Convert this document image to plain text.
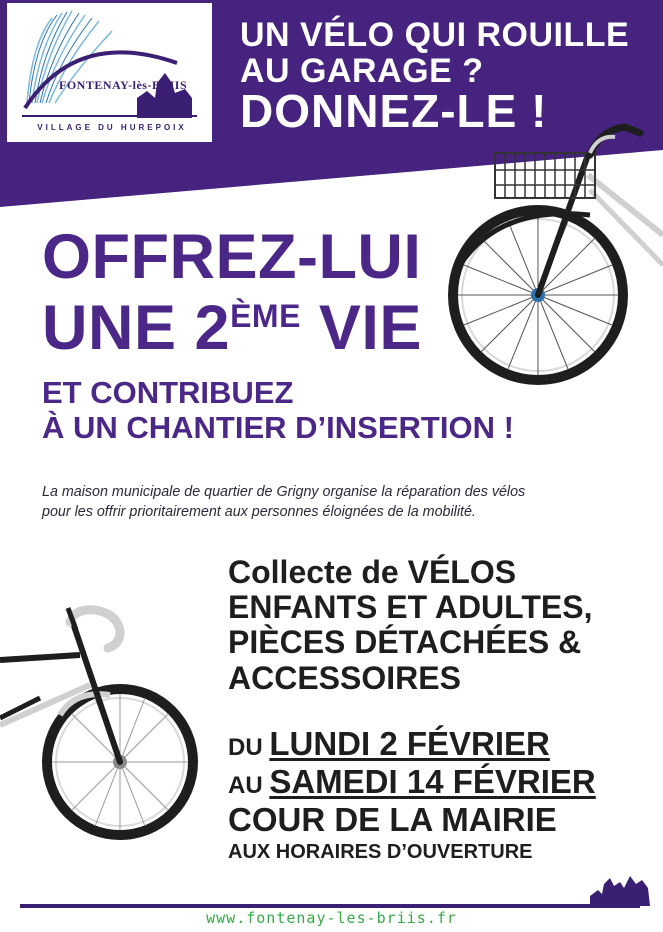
FONTENAY-lès-BRIIS
VILLAGE DU HUREPOIX
UN VÉLO QUI ROUILLE
AU GARAGE ?
DONNEZ-LE !
OFFREZ-LUI
UNE 2ÈME VIE
ET CONTRIBUEZ
À UN CHANTIER D’INSERTION !
La maison municipale de quartier de Grigny organise la réparation des vélos
pour les offrir prioritairement aux personnes éloignées de la mobilité.
Collecte de VÉLOS
ENFANTS ET ADULTES,
PIÈCES DÉTACHÉES &
ACCESSOIRES
DU LUNDI 2 FÉVRIER
AU SAMEDI 14 FÉVRIER
COUR DE LA MAIRIE
AUX HORAIRES D’OUVERTURE
www.fontenay-les-briis.fr
